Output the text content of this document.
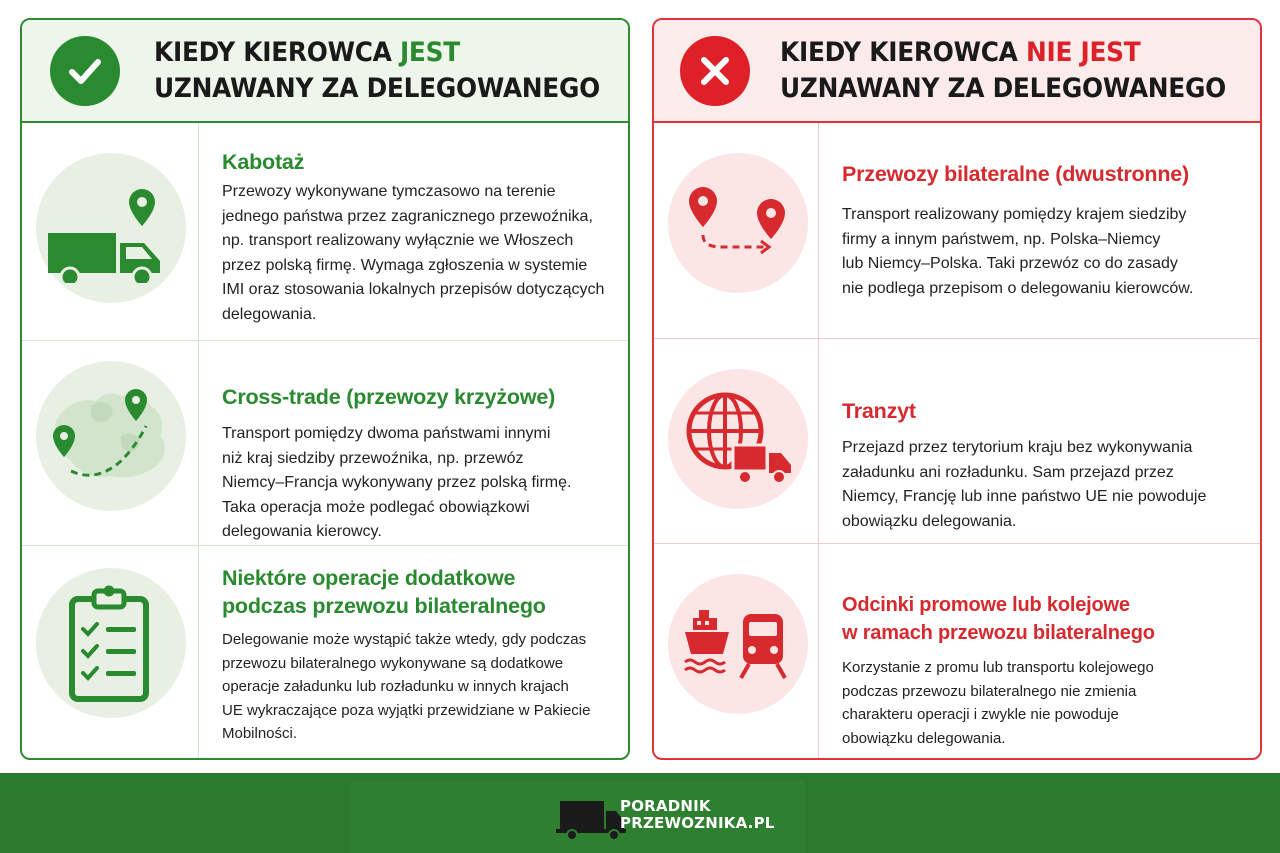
KIEDY KIEROWCA JEST
UZNAWANY ZA DELEGOWANEGO
Kabotaż
Przewozy wykonywane tymczasowo na terenie
jednego państwa przez zagranicznego przewoźnika,
np. transport realizowany wyłącznie we Włoszech
przez polską firmę. Wymaga zgłoszenia w systemie
IMI oraz stosowania lokalnych przepisów dotyczących
delegowania.
Cross-trade (przewozy krzyżowe)
Transport pomiędzy dwoma państwami innymi
niż kraj siedziby przewoźnika, np. przewóz
Niemcy–Francja wykonywany przez polską firmę.
Taka operacja może podlegać obowiązkowi
delegowania kierowcy.
Niektóre operacje dodatkowe
podczas przewozu bilateralnego
Delegowanie może wystąpić także wtedy, gdy podczas
przewozu bilateralnego wykonywane są dodatkowe
operacje załadunku lub rozładunku w innych krajach
UE wykraczające poza wyjątki przewidziane w Pakiecie
Mobilności.
KIEDY KIEROWCA NIE JEST
UZNAWANY ZA DELEGOWANEGO
Przewozy bilateralne (dwustronne)
Transport realizowany pomiędzy krajem siedziby
firmy a innym państwem, np. Polska–Niemcy
lub Niemcy–Polska. Taki przewóz co do zasady
nie podlega przepisom o delegowaniu kierowców.
Tranzyt
Przejazd przez terytorium kraju bez wykonywania
załadunku ani rozładunku. Sam przejazd przez
Niemcy, Francję lub inne państwo UE nie powoduje
obowiązku delegowania.
Odcinki promowe lub kolejowe
w ramach przewozu bilateralnego
Korzystanie z promu lub transportu kolejowego
podczas przewozu bilateralnego nie zmienia
charakteru operacji i zwykle nie powoduje
obowiązku delegowania.
PORADNIK
PRZEWOZNIKA.PL
